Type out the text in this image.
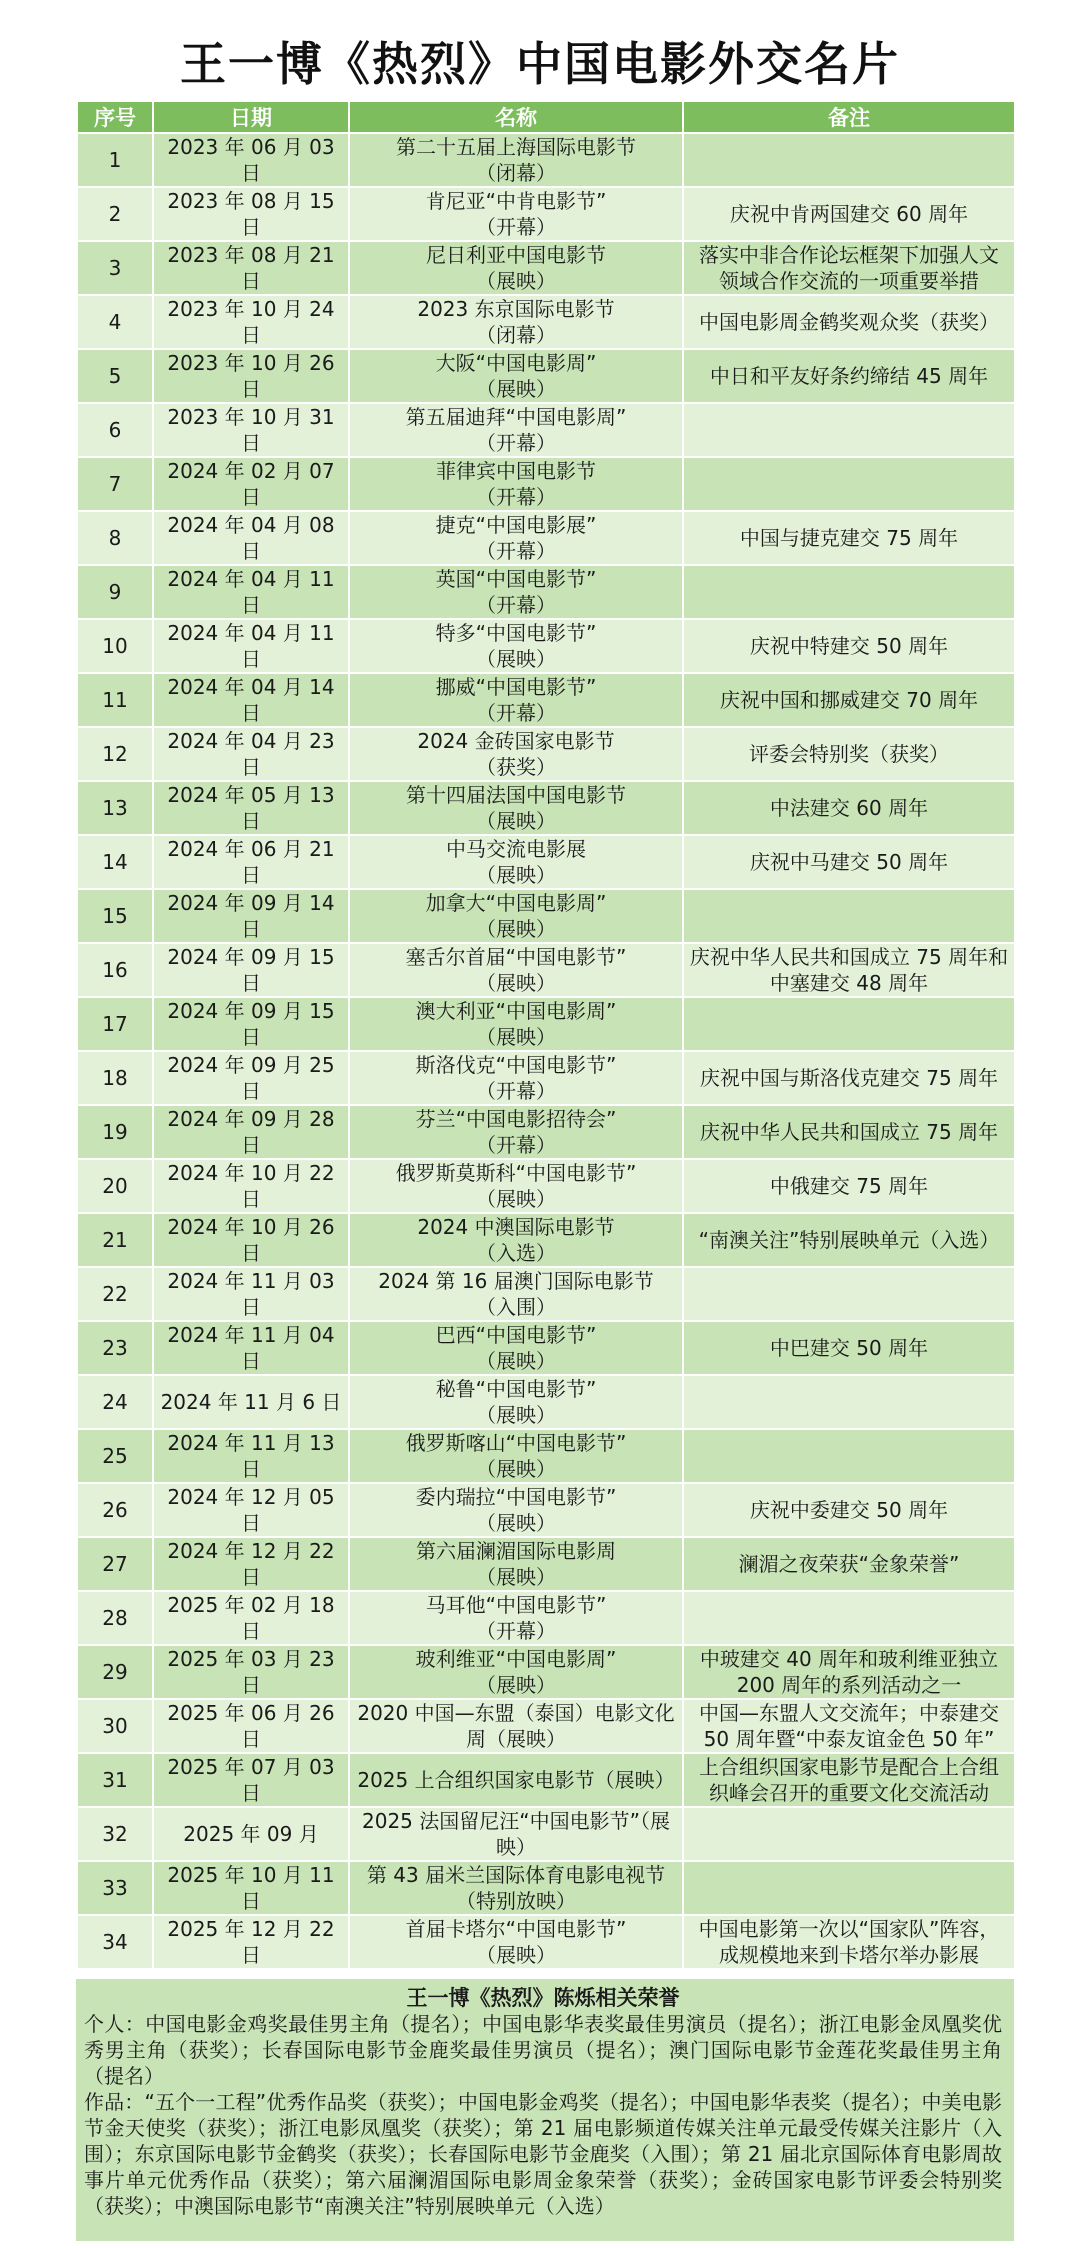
王一博《热烈》中国电影外交名片
序号	日期	名称	备注
1	2023 年 06 月 03 日	第二十五届上海国际电影节
（闭幕）	

2	2023 年 08 月 15 日	肯尼亚“中肯电影节”
（开幕）	庆祝中肯两国建交 60 周年

3	2023 年 08 月 21 日	尼日利亚中国电影节
（展映）	落实中非合作论坛框架下加强人文
领域合作交流的一项重要举措

4	2023 年 10 月 24 日	2023 东京国际电影节
（闭幕）	中国电影周金鹤奖观众奖（获奖）

5	2023 年 10 月 26 日	大阪“中国电影周”
（展映）	中日和平友好条约缔结 45 周年

6	2023 年 10 月 31 日	第五届迪拜“中国电影周”
（开幕）	

7	2024 年 02 月 07 日	菲律宾中国电影节
（开幕）	

8	2024 年 04 月 08 日	捷克“中国电影展”
（开幕）	中国与捷克建交 75 周年

9	2024 年 04 月 11 日	英国“中国电影节”
（开幕）	

10	2024 年 04 月 11 日	特多“中国电影节”
（展映）	庆祝中特建交 50 周年

11	2024 年 04 月 14 日	挪威“中国电影节”
（开幕）	庆祝中国和挪威建交 70 周年

12	2024 年 04 月 23 日	2024 金砖国家电影节
（获奖）	评委会特别奖（获奖）

13	2024 年 05 月 13 日	第十四届法国中国电影节
（展映）	中法建交 60 周年

14	2024 年 06 月 21 日	中马交流电影展
（展映）	庆祝中马建交 50 周年

15	2024 年 09 月 14 日	加拿大“中国电影周”
（展映）	

16	2024 年 09 月 15 日	塞舌尔首届“中国电影节”
（展映）	庆祝中华人民共和国成立 75 周年和
中塞建交 48 周年

17	2024 年 09 月 15 日	澳大利亚“中国电影周”
（展映）	

18	2024 年 09 月 25 日	斯洛伐克“中国电影节”
（开幕）	庆祝中国与斯洛伐克建交 75 周年

19	2024 年 09 月 28 日	芬兰“中国电影招待会”
（开幕）	庆祝中华人民共和国成立 75 周年

20	2024 年 10 月 22 日	俄罗斯莫斯科“中国电影节”
（展映）	中俄建交 75 周年

21	2024 年 10 月 26 日	2024 中澳国际电影节
（入选）	“南澳关注”特别展映单元（入选）

22	2024 年 11 月 03 日	2024 第 16 届澳门国际电影节
（入围）	

23	2024 年 11 月 04 日	巴西“中国电影节”
（展映）	中巴建交 50 周年

24	2024 年 11 月 6 日	秘鲁“中国电影节”
（展映）	

25	2024 年 11 月 13 日	俄罗斯喀山“中国电影节”
（展映）	

26	2024 年 12 月 05 日	委内瑞拉“中国电影节”
（展映）	庆祝中委建交 50 周年

27	2024 年 12 月 22 日	第六届澜湄国际电影周
（展映）	澜湄之夜荣获“金象荣誉”

28	2025 年 02 月 18 日	马耳他“中国电影节”
（开幕）	

29	2025 年 03 月 23 日	玻利维亚“中国电影周”
（展映）	中玻建交 40 周年和玻利维亚独立
200 周年的系列活动之一

30	2025 年 06 月 26 日	2020 中国—东盟（泰国）电影文化
周（展映）	中国—东盟人文交流年；中泰建交
50 周年暨“中泰友谊金色 50 年”

31	2025 年 07 月 03 日	2025 上合组织国家电影节（展映）	上合组织国家电影节是配合上合组
织峰会召开的重要文化交流活动

32	2025 年 09 月	2025 法国留尼汪“中国电影节”（展
映）	

33	2025 年 10 月 11 日	第 43 届米兰国际体育电影电视节
（特别放映）	

34	2025 年 12 月 22 日	首届卡塔尔“中国电影节”
（展映）	中国电影第一次以“国家队”阵容，
成规模地来到卡塔尔举办影展
王一博《热烈》陈烁相关荣誉

个人：中国电影金鸡奖最佳男主角（提名）；中国电影华表奖最佳男演员（提名）；浙江电影金凤凰奖优秀男主角（获奖）；长春国际电影节金鹿奖最佳男演员（提名）；澳门国际电影节金莲花奖最佳男主角（提名）

作品：“五个一工程”优秀作品奖（获奖）；中国电影金鸡奖（提名）；中国电影华表奖（提名）；中美电影节金天使奖（获奖）；浙江电影凤凰奖（获奖）；第 21 届电影频道传媒关注单元最受传媒关注影片（入围）；东京国际电影节金鹤奖（获奖）；长春国际电影节金鹿奖（入围）；第 21 届北京国际体育电影周故事片单元优秀作品（获奖）；第六届澜湄国际电影周金象荣誉（获奖）；金砖国家电影节评委会特别奖（获奖）；中澳国际电影节“南澳关注”特别展映单元（入选）
